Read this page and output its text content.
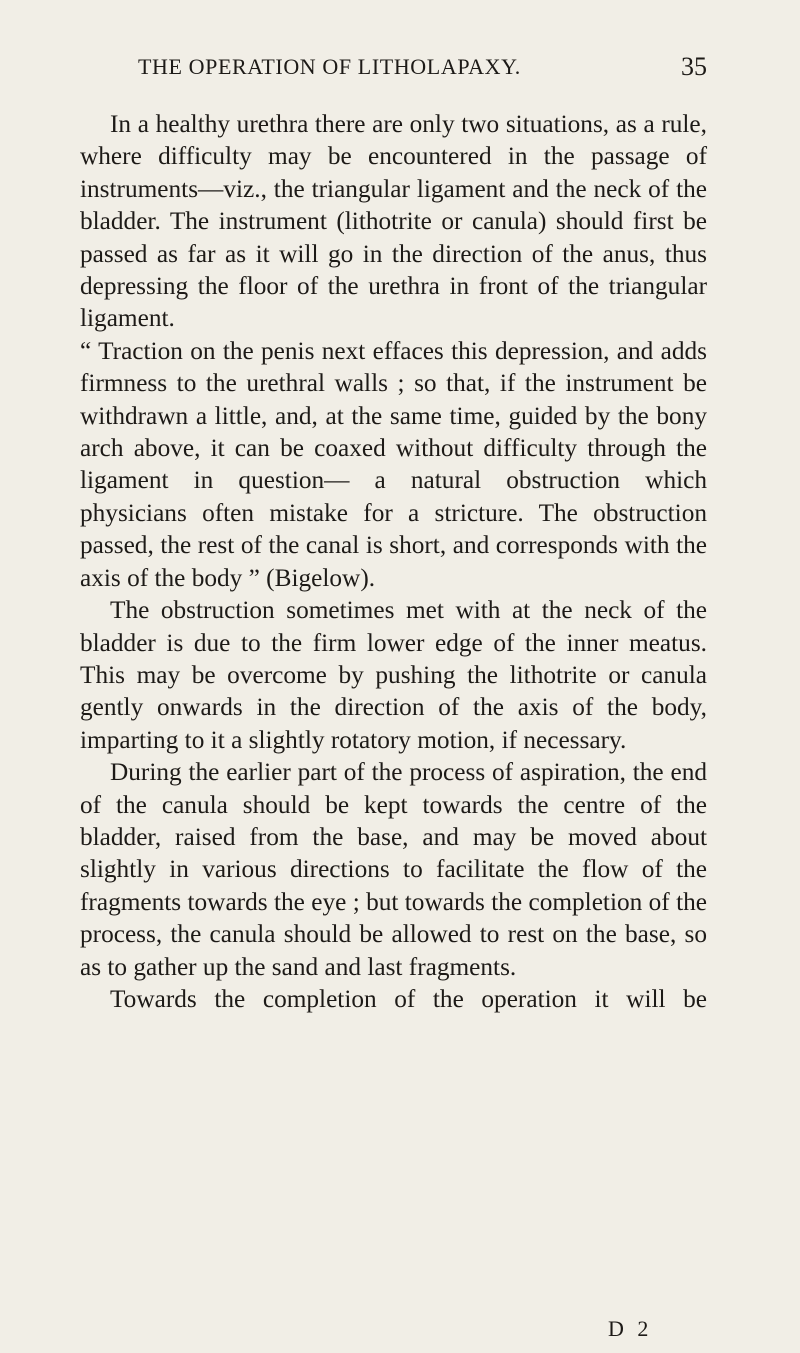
THE OPERATION OF LITHOLAPAXY.	35

In a healthy urethra there are only two situations, as a rule, where difficulty may be encountered in the passage of instruments—viz., the triangular ligament and the neck of the bladder. The instrument (lithotrite or canula) should first be passed as far as it will go in the direction of the anus, thus depressing the floor of the urethra in front of the triangular ligament.

“ Traction on the penis next effaces this depression, and adds firmness to the urethral walls ; so that, if the instrument be withdrawn a little, and, at the same time, guided by the bony arch above, it can be coaxed without difficulty through the ligament in question— a natural obstruction which physicians often mistake for a stricture. The obstruction passed, the rest of the canal is short, and corresponds with the axis of the body ” (Bigelow).

The obstruction sometimes met with at the neck of the bladder is due to the firm lower edge of the inner meatus. This may be overcome by pushing the lithotrite or canula gently onwards in the direction of the axis of the body, imparting to it a slightly rotatory motion, if necessary.

During the earlier part of the process of aspiration, the end of the canula should be kept towards the centre of the bladder, raised from the base, and may be moved about slightly in various directions to facilitate the flow of the fragments towards the eye ; but towards the completion of the process, the canula should be allowed to rest on the base, so as to gather up the sand and last fragments.

Towards the completion of the operation it will be

D 2
